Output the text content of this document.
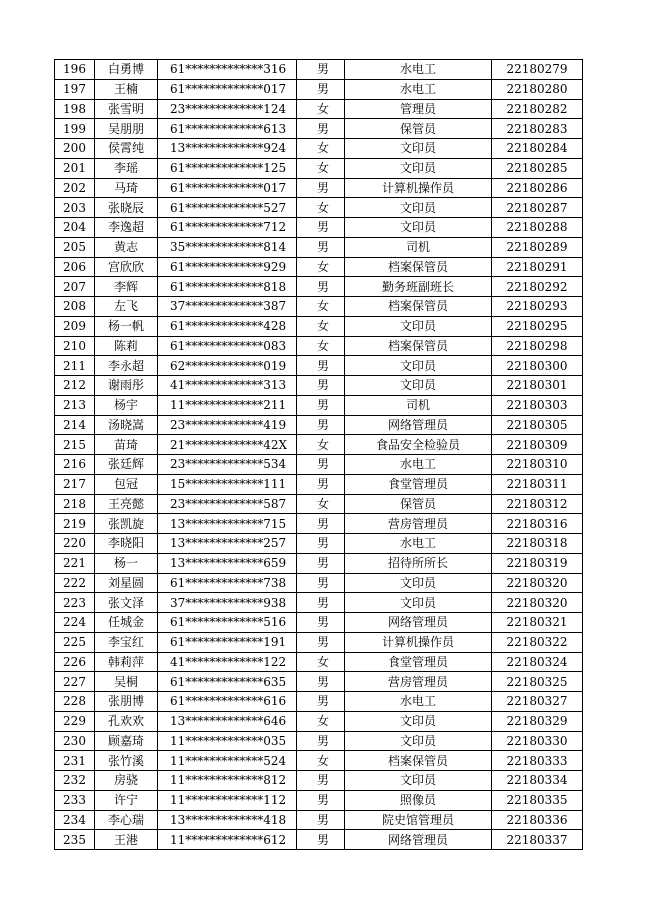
196	白勇博	61*************316	男	水电工	22180279
197	王楠	61*************017	男	水电工	22180280
198	张雪明	23*************124	女	管理员	22180282
199	吴朋朋	61*************613	男	保管员	22180283
200	侯霄纯	13*************924	女	文印员	22180284
201	李瑶	61*************125	女	文印员	22180285
202	马琦	61*************017	男	计算机操作员	22180286
203	张晓辰	61*************527	女	文印员	22180287
204	李逸超	61*************712	男	文印员	22180288
205	黄志	35*************814	男	司机	22180289
206	宫欣欣	61*************929	女	档案保管员	22180291
207	李辉	61*************818	男	勤务班副班长	22180292
208	左飞	37*************387	女	档案保管员	22180293
209	杨一帆	61*************428	女	文印员	22180295
210	陈莉	61*************083	女	档案保管员	22180298
211	李永超	62*************019	男	文印员	22180300
212	谢雨彤	41*************313	男	文印员	22180301
213	杨宇	11*************211	男	司机	22180303
214	汤晓嵩	23*************419	男	网络管理员	22180305
215	苗琦	21*************42X	女	食品安全检验员	22180309
216	张廷辉	23*************534	男	水电工	22180310
217	包冠	15*************111	男	食堂管理员	22180311
218	王亮懿	23*************587	女	保管员	22180312
219	张凯旋	13*************715	男	营房管理员	22180316
220	李晓阳	13*************257	男	水电工	22180318
221	杨一	13*************659	男	招待所所长	22180319
222	刘星圆	61*************738	男	文印员	22180320
223	张文泽	37*************938	男	文印员	22180320
224	任城金	61*************516	男	网络管理员	22180321
225	李宝红	61*************191	男	计算机操作员	22180322
226	韩莉萍	41*************122	女	食堂管理员	22180324
227	吴桐	61*************635	男	营房管理员	22180325
228	张朋博	61*************616	男	水电工	22180327
229	孔欢欢	13*************646	女	文印员	22180329
230	顾嘉琦	11*************035	男	文印员	22180330
231	张竹溪	11*************524	女	档案保管员	22180333
232	房骁	11*************812	男	文印员	22180334
233	许宁	11*************112	男	照像员	22180335
234	李心瑞	13*************418	男	院史馆管理员	22180336
235	王港	11*************612	男	网络管理员	22180337
